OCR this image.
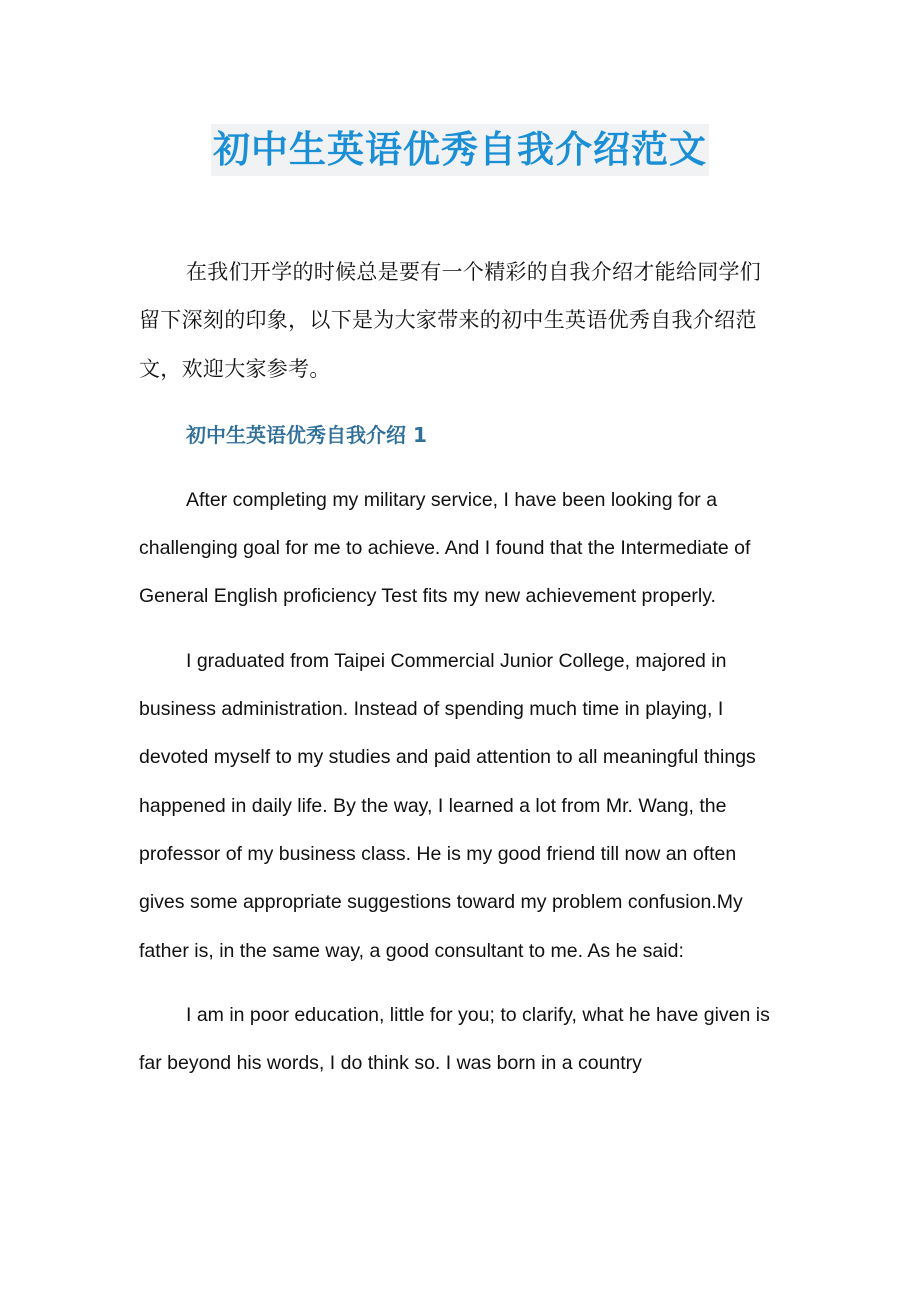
初中生英语优秀自我介绍范文

在我们开学的时候总是要有一个精彩的自我介绍才能给同学们留下深刻的印象，以下是为大家带来的初中生英语优秀自我介绍范文，欢迎大家参考。

初中生英语优秀自我介绍 1

After completing my military service, I have been looking for a challenging goal for me to achieve. And I found that the Intermediate of General English proficiency Test fits my new achievement properly.

I graduated from Taipei Commercial Junior College, majored in business administration. Instead of spending much time in playing, I devoted myself to my studies and paid attention to all meaningful things happened in daily life. By the way, I learned a lot from Mr. Wang, the professor of my business class. He is my good friend till now an often gives some appropriate suggestions toward my problem confusion.My father is, in the same way, a good consultant to me. As he said:

I am in poor education, little for you; to clarify, what he have given is far beyond his words, I do think so. I was born in a country
